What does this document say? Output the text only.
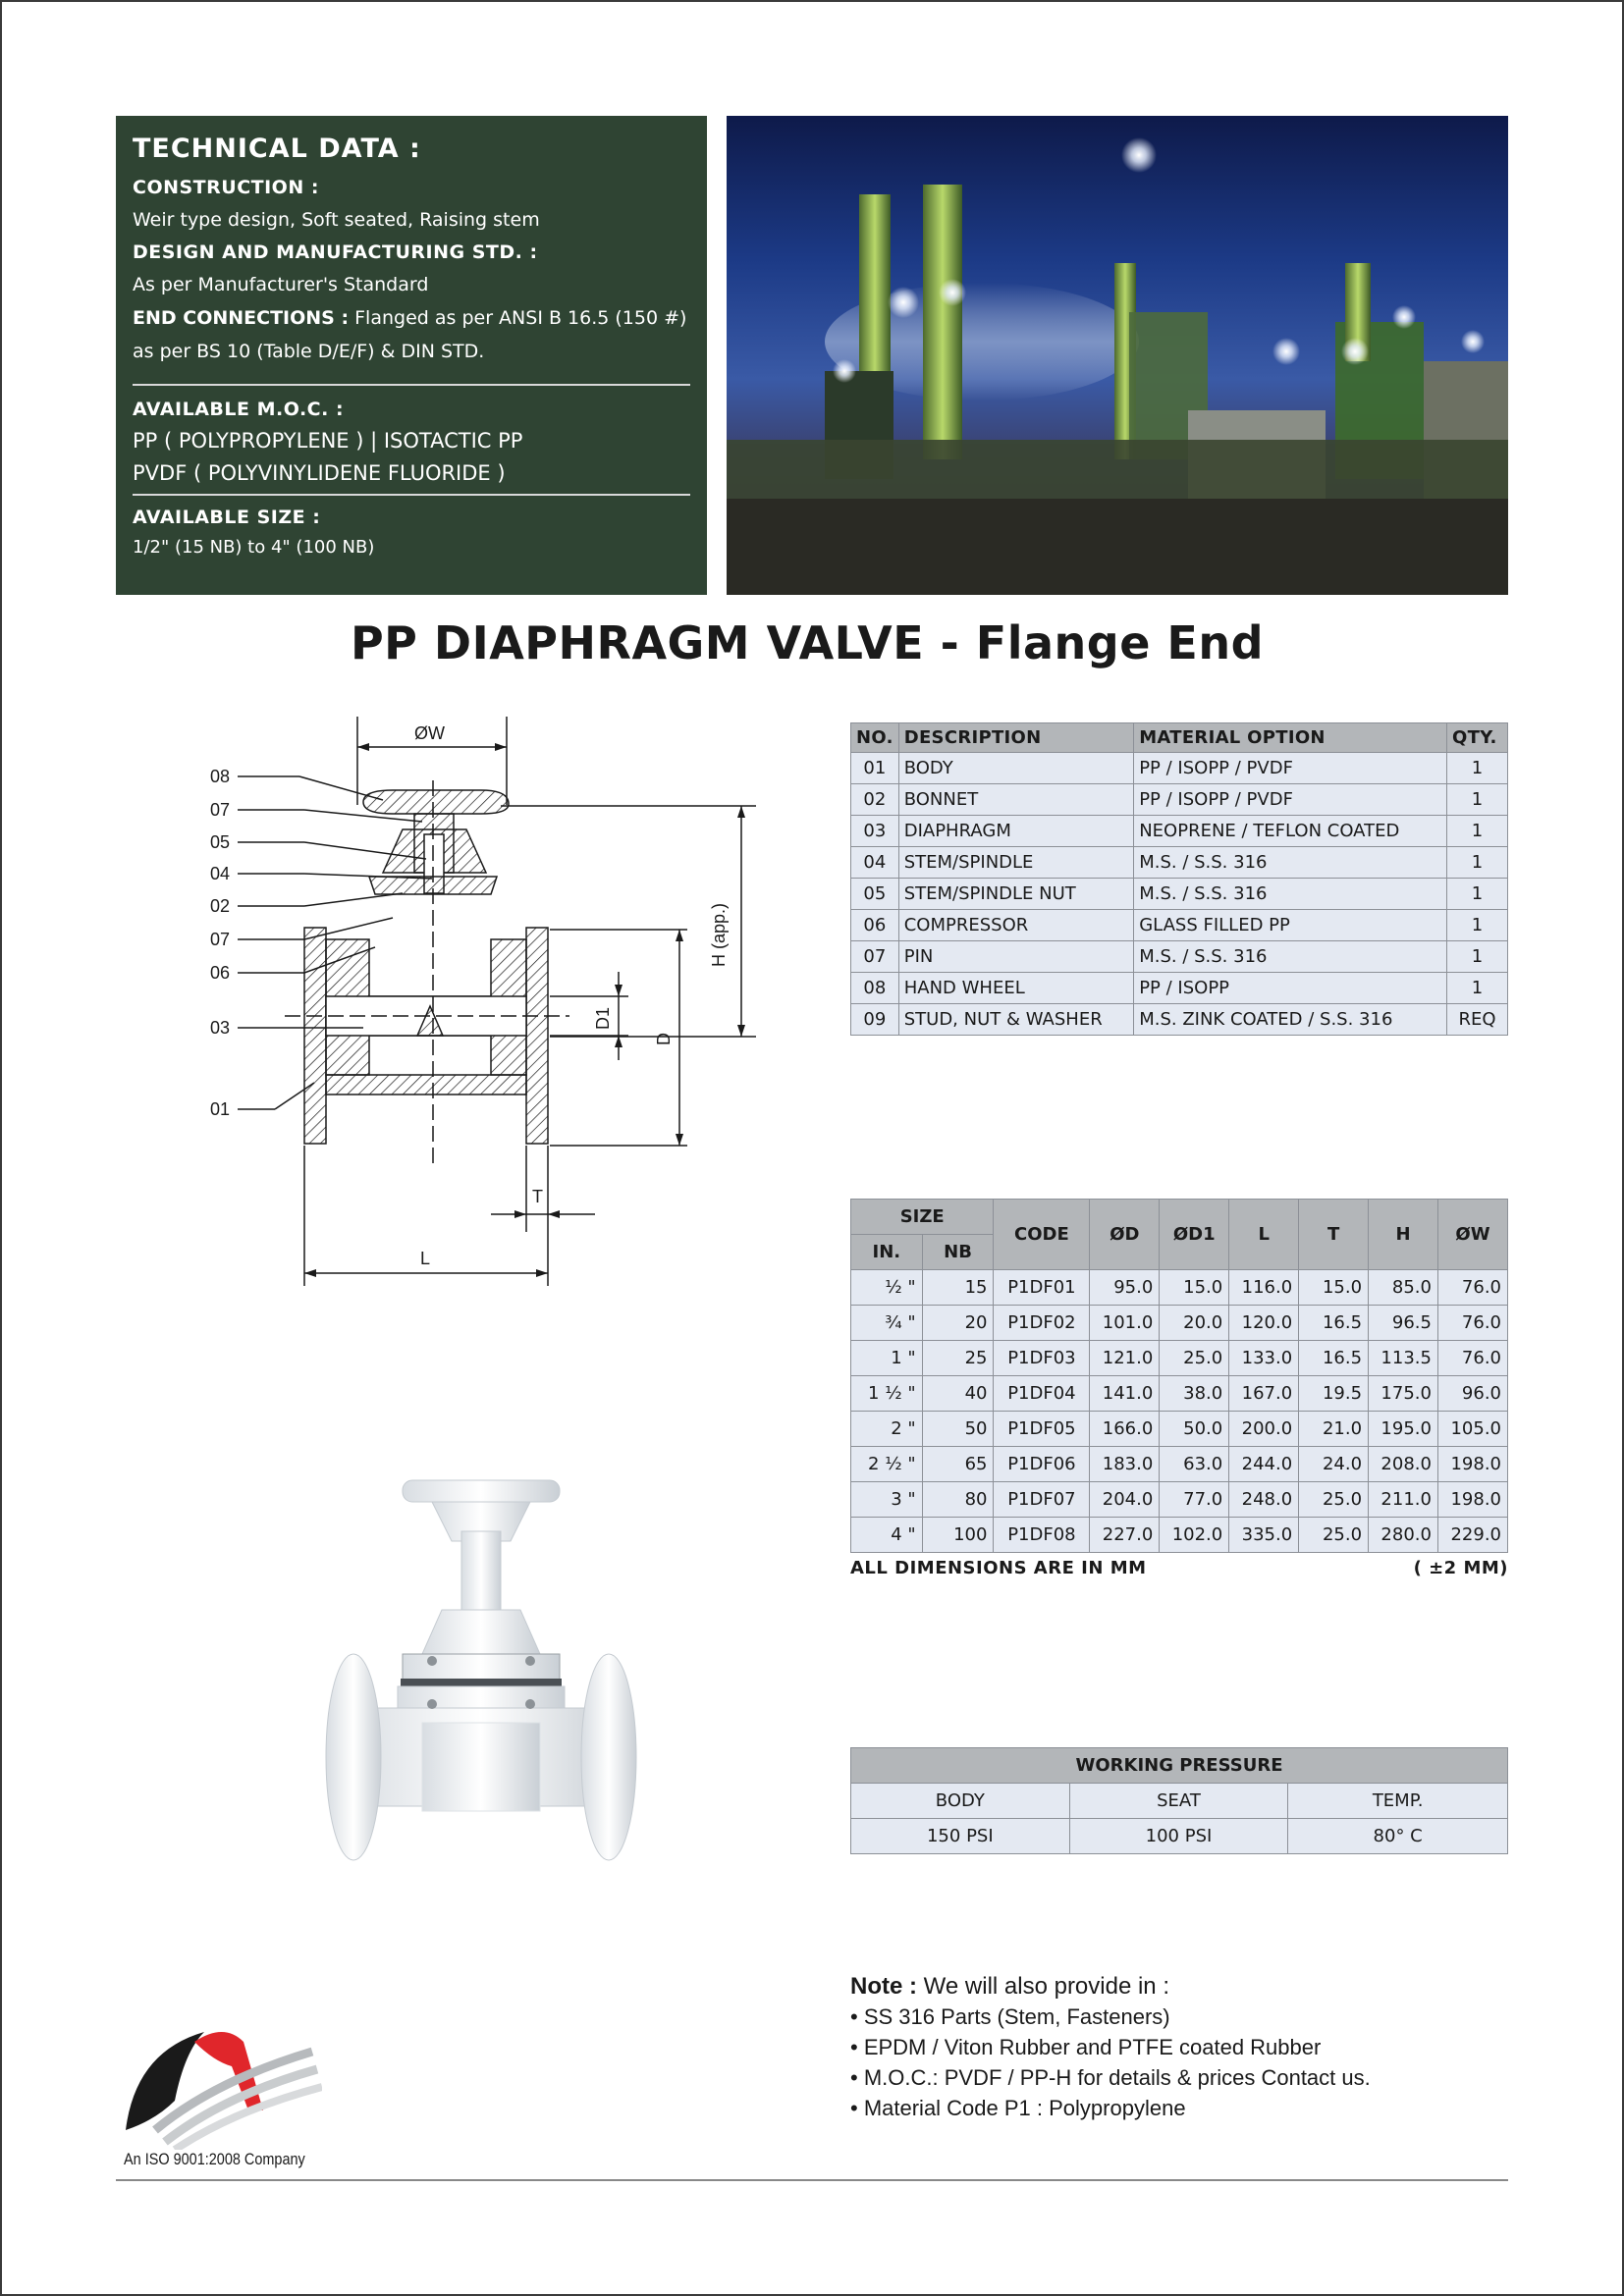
TECHNICAL DATA :
CONSTRUCTION :
Weir type design, Soft seated, Raising stem
DESIGN AND MANUFACTURING STD. :
As per Manufacturer's Standard
END CONNECTIONS : Flanged as per ANSI B 16.5 (150 #)
as per BS 10 (Table D/E/F) & DIN STD.
AVAILABLE M.O.C. :
PP ( POLYPROPYLENE ) | ISOTACTIC PP
PVDF ( POLYVINYLIDENE FLUORIDE )
AVAILABLE SIZE :
1/2" (15 NB) to 4" (100 NB)
PP DIAPHRAGM VALVE - Flange End
ØW
T
L
H (app.)
D
D1
08
07
05
04
02
07
06
03
01
NO.	DESCRIPTION	MATERIAL OPTION	QTY.
01	BODY	PP / ISOPP / PVDF	1
02	BONNET	PP / ISOPP / PVDF	1
03	DIAPHRAGM	NEOPRENE / TEFLON COATED	1
04	STEM/SPINDLE	M.S. / S.S. 316	1
05	STEM/SPINDLE NUT	M.S. / S.S. 316	1
06	COMPRESSOR	GLASS FILLED PP	1
07	PIN	M.S. / S.S. 316	1
08	HAND WHEEL	PP / ISOPP	1
09	STUD, NUT & WASHER	M.S. ZINK COATED / S.S. 316	REQ
SIZE		CODE	ØD	ØD1	L	T	H	ØW
IN.	NB							
½ "	15	P1DF01	95.0	15.0	116.0	15.0	85.0	76.0
¾ "	20	P1DF02	101.0	20.0	120.0	16.5	96.5	76.0
1 "	25	P1DF03	121.0	25.0	133.0	16.5	113.5	76.0
1 ½ "	40	P1DF04	141.0	38.0	167.0	19.5	175.0	96.0
2 "	50	P1DF05	166.0	50.0	200.0	21.0	195.0	105.0
2 ½ "	65	P1DF06	183.0	63.0	244.0	24.0	208.0	198.0
3 "	80	P1DF07	204.0	77.0	248.0	25.0	211.0	198.0
4 "	100	P1DF08	227.0	102.0	335.0	25.0	280.0	229.0
ALL DIMENSIONS ARE IN MM	( ±2 MM)
WORKING PRESSURE		
BODY	SEAT	TEMP.
150 PSI	100 PSI	80° C
Note : We will also provide in :
• SS 316 Parts (Stem, Fasteners)
• EPDM / Viton Rubber and PTFE coated Rubber
• M.O.C.: PVDF / PP-H for details & prices Contact us.
• Material Code P1 : Polypropylene
An ISO 9001:2008 Company
